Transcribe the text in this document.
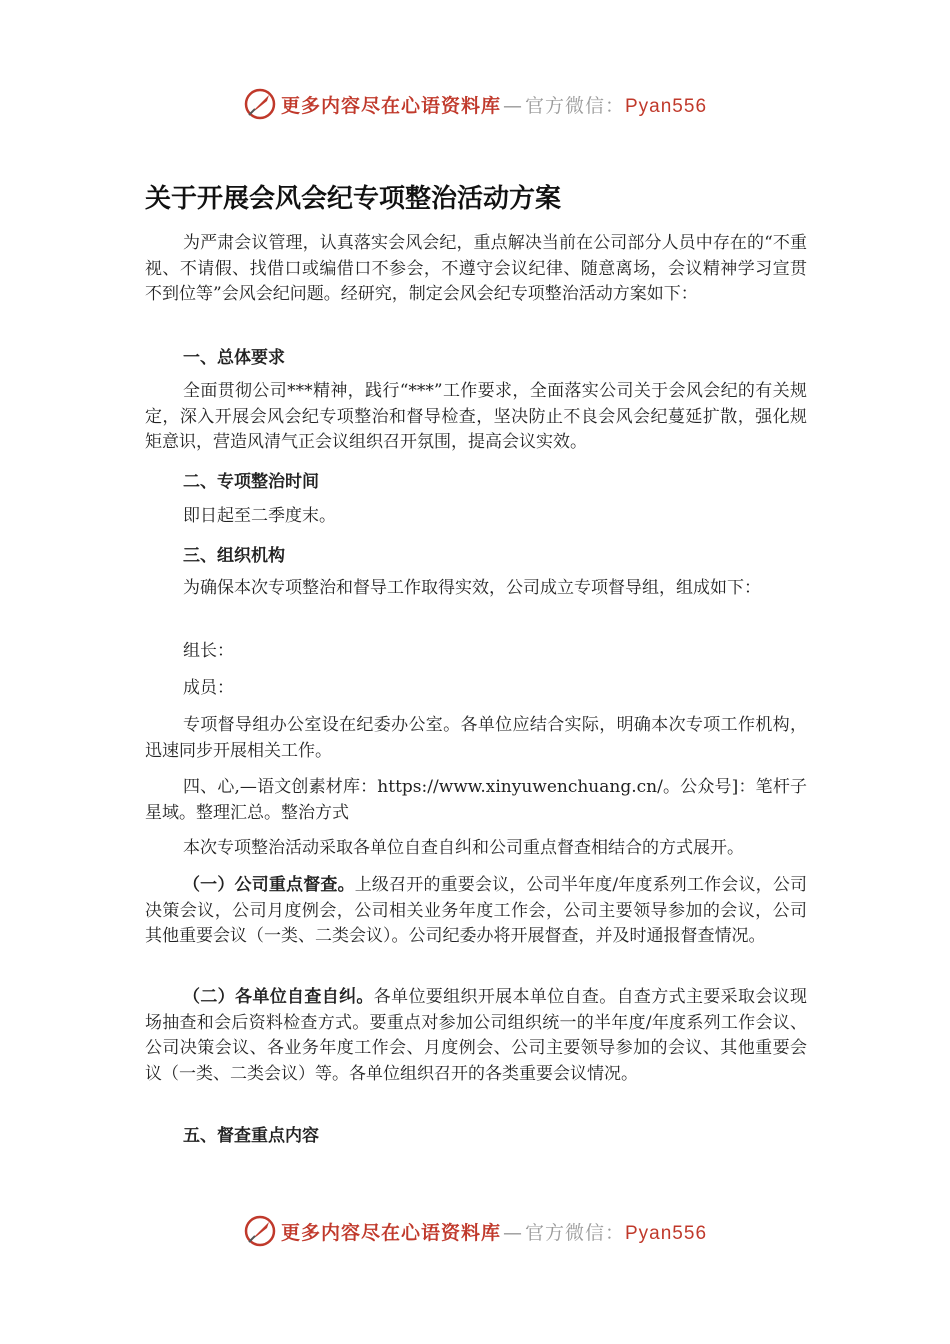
更多内容尽在心语资料库 — 官方微信：Pyan556
关于开展会风会纪专项整治活动方案

为严肃会议管理，认真落实会风会纪，重点解决当前在公司部分人员中存在的“不重视、不请假、找借口或编借口不参会，不遵守会议纪律、随意离场，会议精神学习宣贯不到位等”会风会纪问题。经研究，制定会风会纪专项整治活动方案如下：

一、总体要求

全面贯彻公司***精神，践行“***”工作要求，全面落实公司关于会风会纪的有关规定，深入开展会风会纪专项整治和督导检查，坚决防止不良会风会纪蔓延扩散，强化规矩意识，营造风清气正会议组织召开氛围，提高会议实效。

二、专项整治时间

即日起至二季度末。

三、组织机构

为确保本次专项整治和督导工作取得实效，公司成立专项督导组，组成如下：

组长：

成员：

专项督导组办公室设在纪委办公室。各单位应结合实际，明确本次专项工作机构，迅速同步开展相关工作。

四、心,—语文创素材库：https://www.xinyuwenchuang.cn/。公众号]：笔杆子星域。整理汇总。整治方式

本次专项整治活动采取各单位自查自纠和公司重点督查相结合的方式展开。

（一）公司重点督查。上级召开的重要会议，公司半年度/年度系列工作会议，公司决策会议，公司月度例会，公司相关业务年度工作会，公司主要领导参加的会议，公司其他重要会议（一类、二类会议）。公司纪委办将开展督查，并及时通报督查情况。

（二）各单位自查自纠。各单位要组织开展本单位自查。自查方式主要采取会议现场抽查和会后资料检查方式。要重点对参加公司组织统一的半年度/年度系列工作会议、公司决策会议、各业务年度工作会、月度例会、公司主要领导参加的会议、其他重要会议（一类、二类会议）等。各单位组织召开的各类重要会议情况。

五、督查重点内容

更多内容尽在心语资料库 — 官方微信：Pyan556
